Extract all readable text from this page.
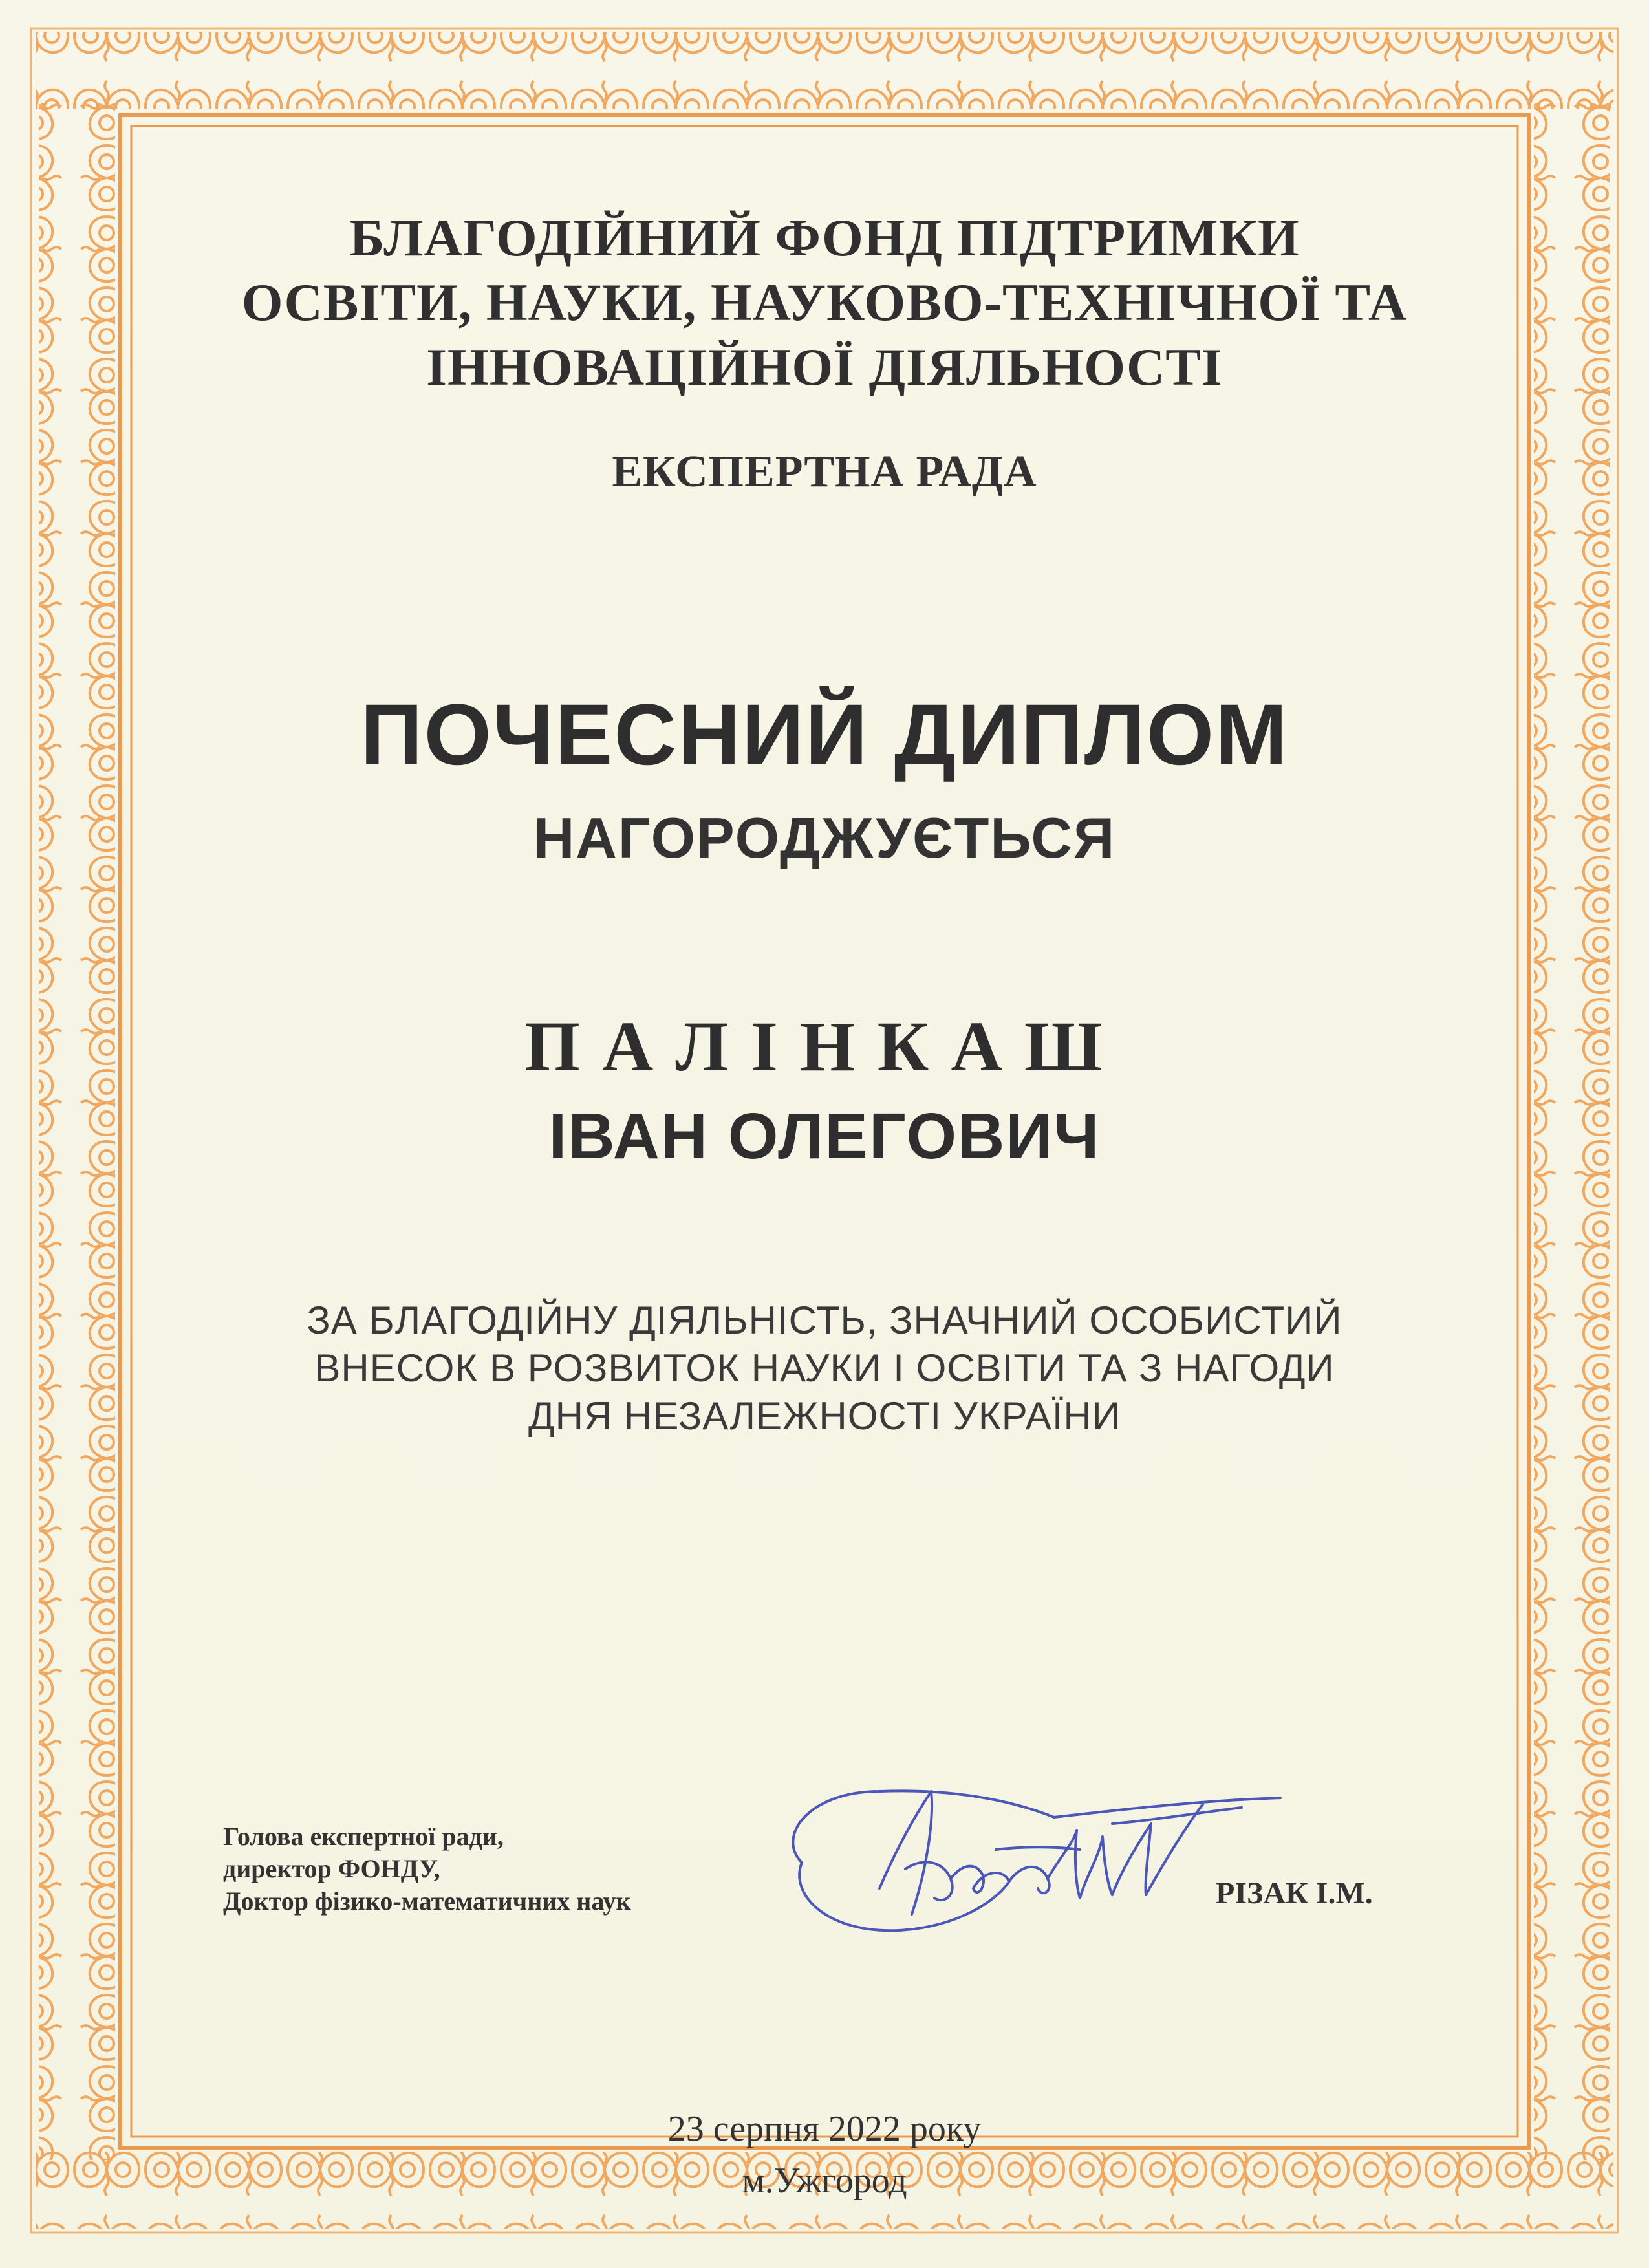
БЛАГОДІЙНИЙ ФОНД ПІДТРИМКИ
ОСВІТИ, НАУКИ, НАУКОВО-ТЕХНІЧНОЇ ТА
ІННОВАЦІЙНОЇ ДІЯЛЬНОСТІ
ЕКСПЕРТНА РАДА
ПОЧЕСНИЙ ДИПЛОМ
НАГОРОДЖУЄТЬСЯ
ПАЛІНКАШ
ІВАН ОЛЕГОВИЧ
ЗА БЛАГОДІЙНУ ДІЯЛЬНІСТЬ, ЗНАЧНИЙ ОСОБИСТИЙ
ВНЕСОК В РОЗВИТОК НАУКИ І ОСВІТИ ТА З НАГОДИ
ДНЯ НЕЗАЛЕЖНОСТІ УКРАЇНИ
Голова експертної ради,
директор ФОНДУ,
Доктор фізико-математичних наук	РІЗАК І.М.
23 серпня 2022 року
м.Ужгород
